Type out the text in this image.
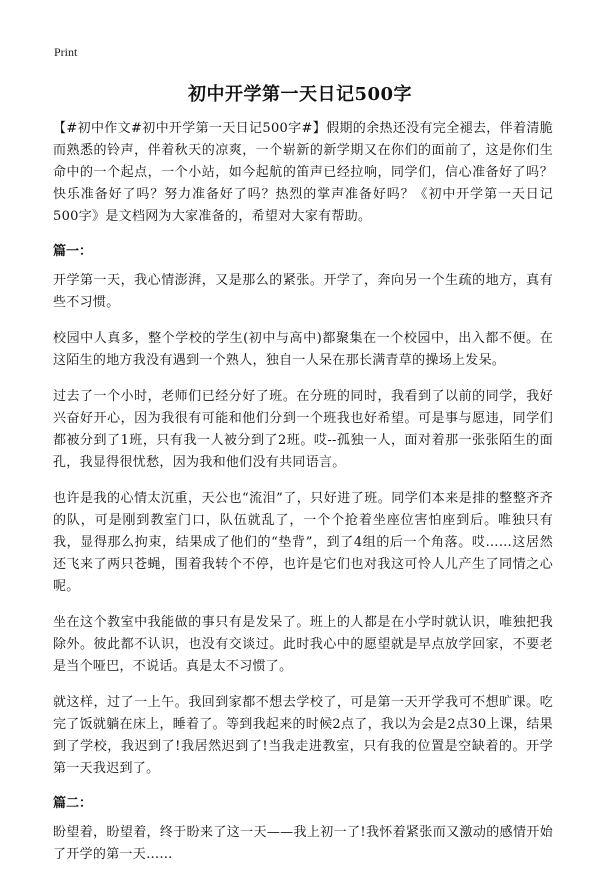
Print
初中开学第一天日记500字

【#初中作文#初中开学第一天日记500字#】假期的余热还没有完全褪去，伴着清脆而熟悉的铃声，伴着秋天的凉爽，一个崭新的新学期又在你们的面前了，这是你们生命中的一个起点，一个小站，如今起航的笛声已经拉响，同学们，信心准备好了吗？快乐准备好了吗？努力准备好了吗？热烈的掌声准备好吗？《初中开学第一天日记500字》是文档网为大家准备的，希望对大家有帮助。

篇一：

开学第一天，我心情澎湃，又是那么的紧张。开学了，奔向另一个生疏的地方，真有些不习惯。

校园中人真多，整个学校的学生(初中与高中)都聚集在一个校园中，出入都不便。在这陌生的地方我没有遇到一个熟人，独自一人呆在那长满青草的操场上发呆。

过去了一个小时，老师们已经分好了班。在分班的同时，我看到了以前的同学，我好兴奋好开心，因为我很有可能和他们分到一个班我也好希望。可是事与愿违，同学们都被分到了1班，只有我一人被分到了2班。哎--孤独一人，面对着那一张张陌生的面孔，我显得很忧愁，因为我和他们没有共同语言。

也许是我的心情太沉重，天公也“流泪”了，只好进了班。同学们本来是排的整整齐齐的队，可是刚到教室门口，队伍就乱了，一个个抢着坐座位害怕座到后。唯独只有我，显得那么拘束，结果成了他们的“垫背”，到了4组的后一个角落。哎……这居然还飞来了两只苍蝇，围着我转个不停，也许是它们也对我这可怜人儿产生了同情之心呢。

坐在这个教室中我能做的事只有是发呆了。班上的人都是在小学时就认识，唯独把我除外。彼此都不认识，也没有交谈过。此时我心中的愿望就是早点放学回家，不要老是当个哑巴，不说话。真是太不习惯了。

就这样，过了一上午。我回到家都不想去学校了，可是第一天开学我可不想旷课。吃完了饭就躺在床上，睡着了。等到我起来的时候2点了，我以为会是2点30上课，结果到了学校，我迟到了!我居然迟到了!当我走进教室，只有我的位置是空缺着的。开学第一天我迟到了。

篇二：

盼望着，盼望着，终于盼来了这一天——我上初一了!我怀着紧张而又激动的感情开始了开学的第一天……
